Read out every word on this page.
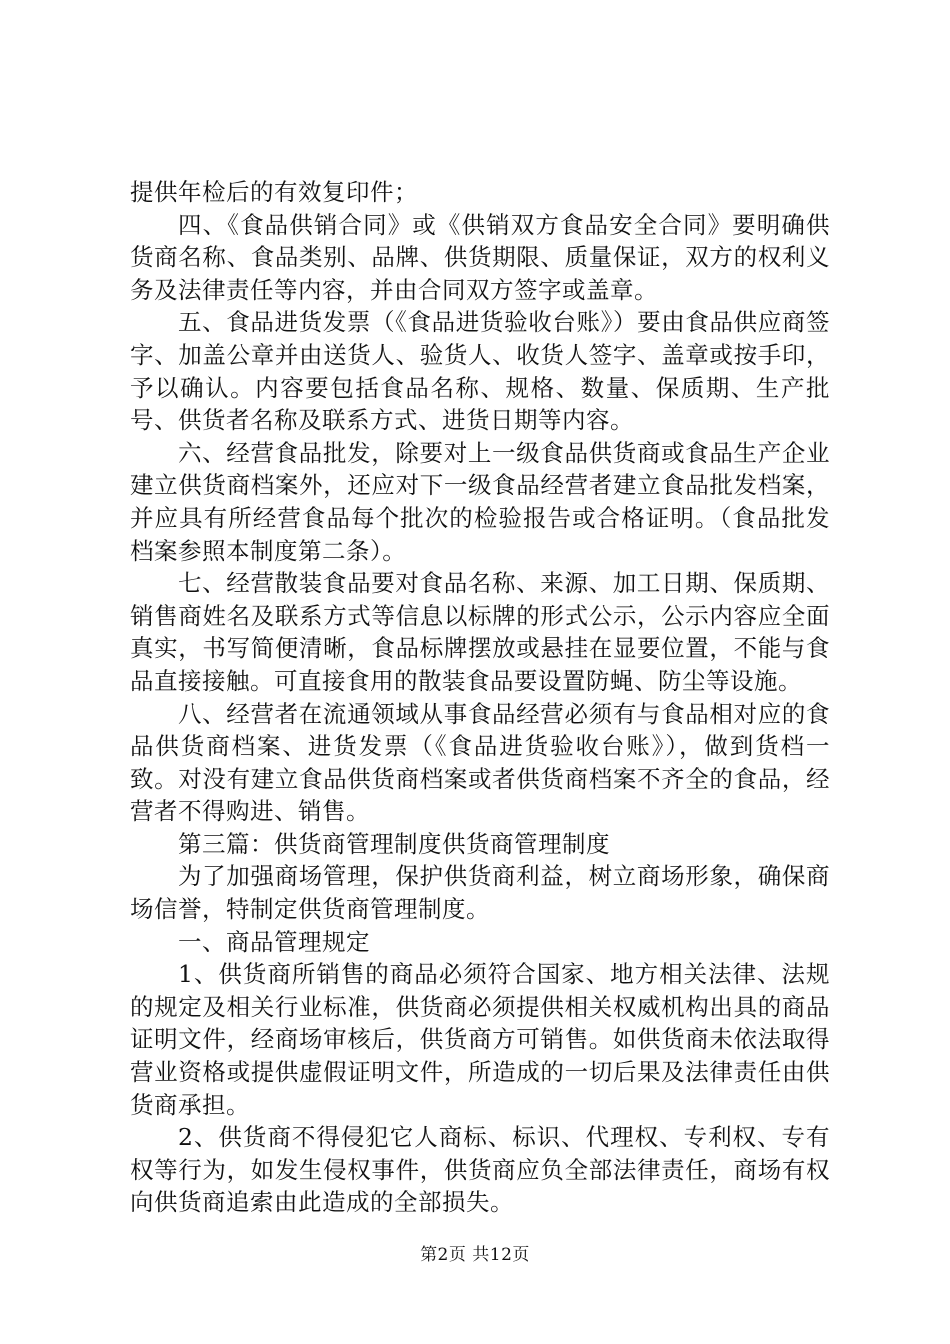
提供年检后的有效复印件；

四、《食品供销合同》或《供销双方食品安全合同》要明确供货商名称、食品类别、品牌、供货期限、质量保证，双方的权利义务及法律责任等内容，并由合同双方签字或盖章。

五、食品进货发票（《食品进货验收台账》）要由食品供应商签字、加盖公章并由送货人、验货人、收货人签字、盖章或按手印，予以确认。内容要包括食品名称、规格、数量、保质期、生产批号、供货者名称及联系方式、进货日期等内容。

六、经营食品批发，除要对上一级食品供货商或食品生产企业建立供货商档案外，还应对下一级食品经营者建立食品批发档案，并应具有所经营食品每个批次的检验报告或合格证明。（食品批发档案参照本制度第二条）。

七、经营散装食品要对食品名称、来源、加工日期、保质期、销售商姓名及联系方式等信息以标牌的形式公示，公示内容应全面真实，书写简便清晰，食品标牌摆放或悬挂在显要位置，不能与食品直接接触。可直接食用的散装食品要设置防蝇、防尘等设施。

八、经营者在流通领域从事食品经营必须有与食品相对应的食品供货商档案、进货发票（《食品进货验收台账》），做到货档一致。对没有建立食品供货商档案或者供货商档案不齐全的食品，经营者不得购进、销售。

第三篇：供货商管理制度供货商管理制度

为了加强商场管理，保护供货商利益，树立商场形象，确保商场信誉，特制定供货商管理制度。

一、商品管理规定

1、供货商所销售的商品必须符合国家、地方相关法律、法规的规定及相关行业标准，供货商必须提供相关权威机构出具的商品证明文件，经商场审核后，供货商方可销售。如供货商未依法取得营业资格或提供虚假证明文件，所造成的一切后果及法律责任由供货商承担。

2、供货商不得侵犯它人商标、标识、代理权、专利权、专有权等行为，如发生侵权事件，供货商应负全部法律责任，商场有权向供货商追索由此造成的全部损失。

第2页 共12页
